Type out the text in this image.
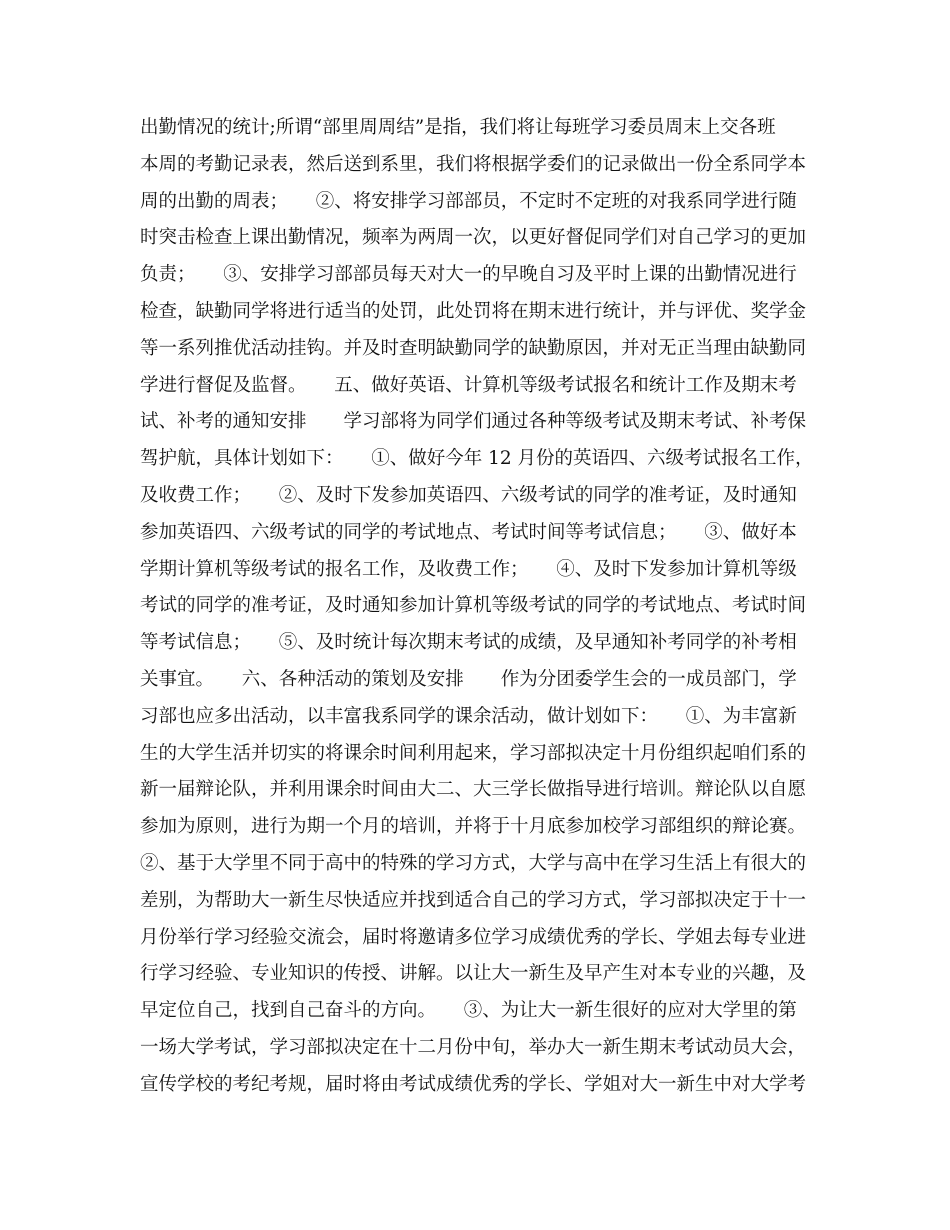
出勤情况的统计;所谓“部里周周结”是指，我们将让每班学习委员周末上交各班
本周的考勤记录表，然后送到系里，我们将根据学委们的记录做出一份全系同学本
周的出勤的周表；　　②、将安排学习部部员，不定时不定班的对我系同学进行随
时突击检查上课出勤情况，频率为两周一次，以更好督促同学们对自己学习的更加
负责；　　③、安排学习部部员每天对大一的早晚自习及平时上课的出勤情况进行
检查，缺勤同学将进行适当的处罚，此处罚将在期末进行统计，并与评优、奖学金
等一系列推优活动挂钩。并及时查明缺勤同学的缺勤原因，并对无正当理由缺勤同
学进行督促及监督。　　五、做好英语、计算机等级考试报名和统计工作及期末考
试、补考的通知安排　　学习部将为同学们通过各种等级考试及期末考试、补考保
驾护航，具体计划如下：　　①、做好今年 12 月份的英语四、六级考试报名工作，
及收费工作；　　②、及时下发参加英语四、六级考试的同学的准考证，及时通知
参加英语四、六级考试的同学的考试地点、考试时间等考试信息；　　③、做好本
学期计算机等级考试的报名工作，及收费工作；　　④、及时下发参加计算机等级
考试的同学的准考证，及时通知参加计算机等级考试的同学的考试地点、考试时间
等考试信息；　　⑤、及时统计每次期末考试的成绩，及早通知补考同学的补考相
关事宜。　　六、各种活动的策划及安排　　作为分团委学生会的一成员部门，学
习部也应多出活动，以丰富我系同学的课余活动，做计划如下：　　①、为丰富新
生的大学生活并切实的将课余时间利用起来，学习部拟决定十月份组织起咱们系的
新一届辩论队，并利用课余时间由大二、大三学长做指导进行培训。辩论队以自愿
参加为原则，进行为期一个月的培训，并将于十月底参加校学习部组织的辩论赛。
②、基于大学里不同于高中的特殊的学习方式，大学与高中在学习生活上有很大的
差别，为帮助大一新生尽快适应并找到适合自己的学习方式，学习部拟决定于十一
月份举行学习经验交流会，届时将邀请多位学习成绩优秀的学长、学姐去每专业进
行学习经验、专业知识的传授、讲解。以让大一新生及早产生对本专业的兴趣，及
早定位自己，找到自己奋斗的方向。　　③、为让大一新生很好的应对大学里的第
一场大学考试，学习部拟决定在十二月份中旬，举办大一新生期末考试动员大会，
宣传学校的考纪考规，届时将由考试成绩优秀的学长、学姐对大一新生中对大学考
